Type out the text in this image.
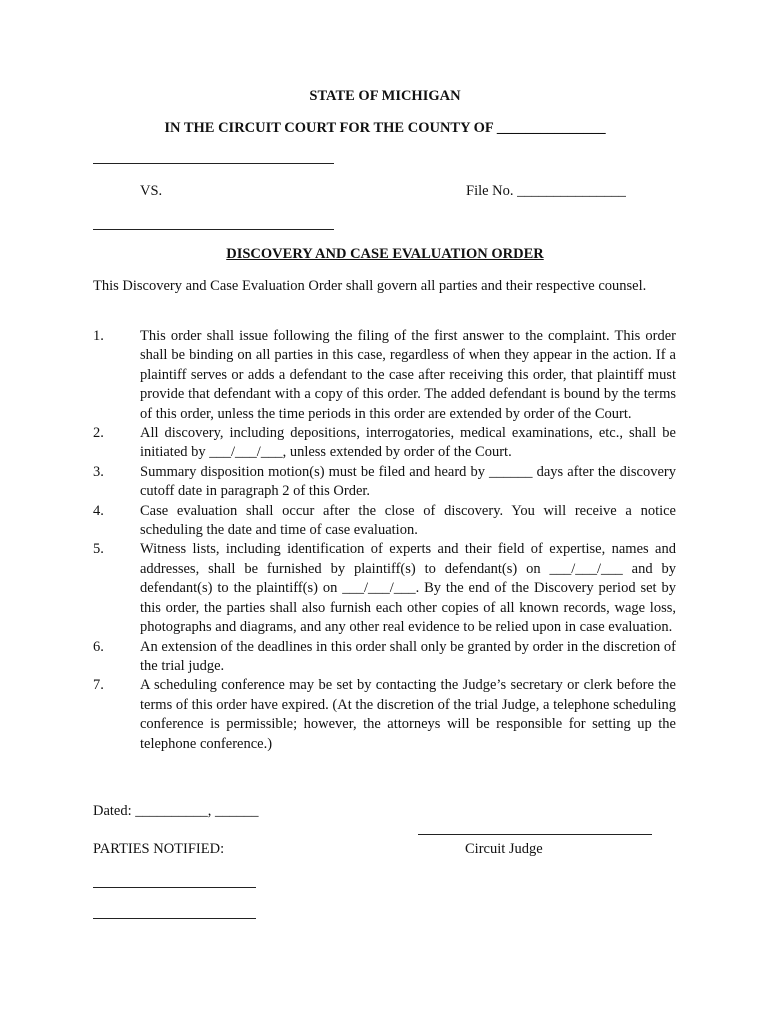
STATE OF MICHIGAN
IN THE CIRCUIT COURT FOR THE COUNTY OF _______________
VS.	File No. _______________
DISCOVERY AND CASE EVALUATION ORDER
This Discovery and Case Evaluation Order shall govern all parties and their respective counsel.
1. This order shall issue following the filing of the first answer to the complaint. This order shall be binding on all parties in this case, regardless of when they appear in the action. If a plaintiff serves or adds a defendant to the case after receiving this order, that plaintiff must provide that defendant with a copy of this order. The added defendant is bound by the terms of this order, unless the time periods in this order are extended by order of the Court.
2. All discovery, including depositions, interrogatories, medical examinations, etc., shall be initiated by ___/___/___, unless extended by order of the Court.
3. Summary disposition motion(s) must be filed and heard by ______ days after the discovery cutoff date in paragraph 2 of this Order.
4. Case evaluation shall occur after the close of discovery. You will receive a notice scheduling the date and time of case evaluation.
5. Witness lists, including identification of experts and their field of expertise, names and addresses, shall be furnished by plaintiff(s) to defendant(s) on ___/___/___ and by defendant(s) to the plaintiff(s) on ___/___/___. By the end of the Discovery period set by this order, the parties shall also furnish each other copies of all known records, wage loss, photographs and diagrams, and any other real evidence to be relied upon in case evaluation.
6. An extension of the deadlines in this order shall only be granted by order in the discretion of the trial judge.
7. A scheduling conference may be set by contacting the Judge’s secretary or clerk before the terms of this order have expired. (At the discretion of the trial Judge, a telephone scheduling conference is permissible; however, the attorneys will be responsible for setting up the telephone conference.)
Dated: __________, ______
PARTIES NOTIFIED:	Circuit Judge
